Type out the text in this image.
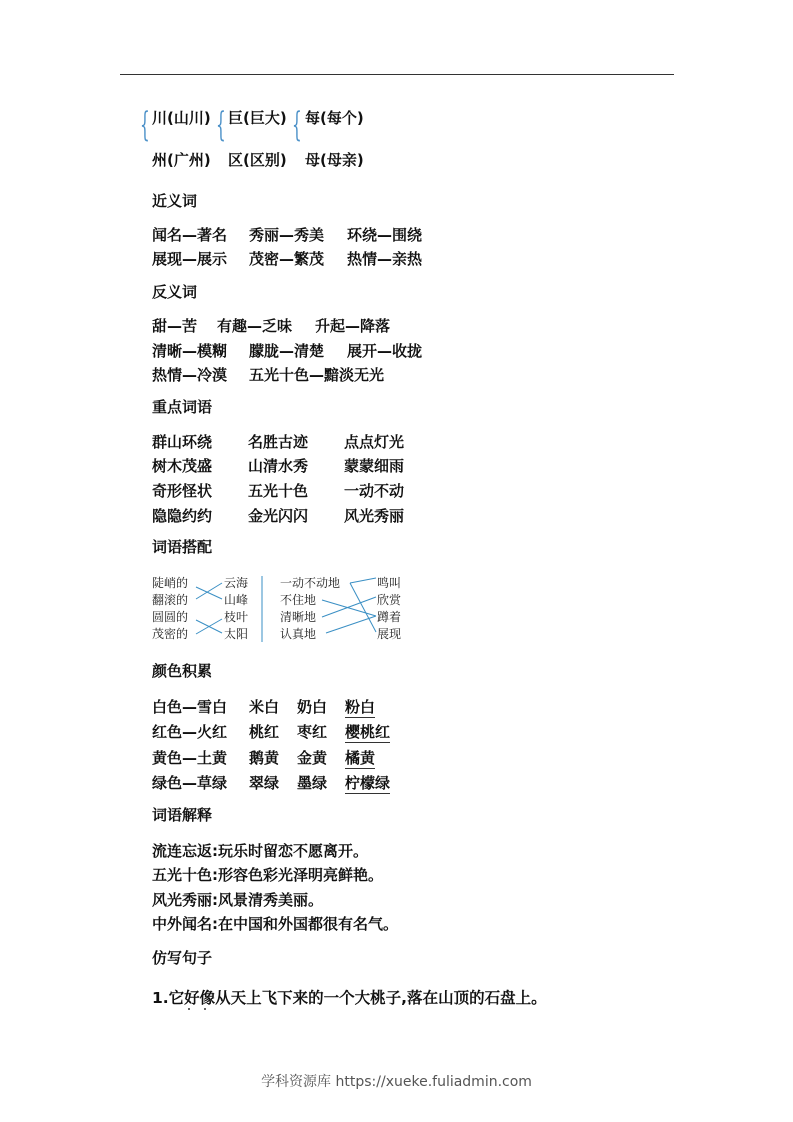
{ { {
川(山川) 巨(巨大) 每(每个)
州(广州) 区(区别) 母(母亲)
近义词
闻名—著名 秀丽—秀美 环绕—围绕
展现—展示 茂密—繁茂 热情—亲热
反义词
甜—苦 有趣—乏味 升起—降落
清晰—模糊 朦胧—清楚 展开—收拢
热情—冷漠 五光十色—黯淡无光
重点词语
群山环绕 名胜古迹 点点灯光
树木茂盛 山清水秀 蒙蒙细雨
奇形怪状 五光十色 一动不动
隐隐约约 金光闪闪 风光秀丽
词语搭配
陡峭的
翻滚的
圆圆的
茂密的
云海
山峰
枝叶
太阳
一动不动地
不住地
清晰地
认真地
鸣叫
欣赏
蹲着
展现
颜色积累
白色—雪白 米白 奶白 粉白
红色—火红 桃红 枣红 樱桃红
黄色—土黄 鹅黄 金黄 橘黄
绿色—草绿 翠绿 墨绿 柠檬绿
词语解释
流连忘返:玩乐时留恋不愿离开。
五光十色:形容色彩光泽明亮鲜艳。
风光秀丽:风景清秀美丽。
中外闻名:在中国和外国都很有名气。
仿写句子
1.它好像从天上飞下来的一个大桃子,落在山顶的石盘上。
学科资源库 https://xueke.fuliadmin.com
